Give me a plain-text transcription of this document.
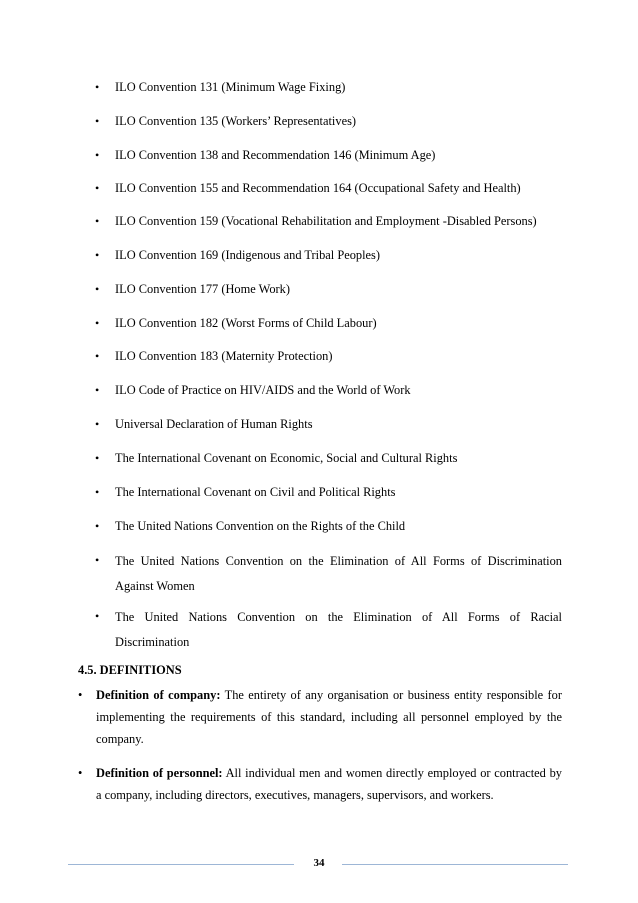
• ILO Convention 131 (Minimum Wage Fixing)

• ILO Convention 135 (Workers’ Representatives)

• ILO Convention 138 and Recommendation 146 (Minimum Age)

• ILO Convention 155 and Recommendation 164 (Occupational Safety and Health)

• ILO Convention 159 (Vocational Rehabilitation and Employment -Disabled Persons)

• ILO Convention 169 (Indigenous and Tribal Peoples)

• ILO Convention 177 (Home Work)

• ILO Convention 182 (Worst Forms of Child Labour)

• ILO Convention 183 (Maternity Protection)

• ILO Code of Practice on HIV/AIDS and the World of Work

• Universal Declaration of Human Rights

• The International Covenant on Economic, Social and Cultural Rights

• The International Covenant on Civil and Political Rights

• The United Nations Convention on the Rights of the Child

• The United Nations Convention on the Elimination of All Forms of Discrimination Against Women

• The United Nations Convention on the Elimination of All Forms of Racial Discrimination

4.5. DEFINITIONS
• Definition of company: The entirety of any organisation or business entity responsible for implementing the requirements of this standard, including all personnel employed by the company.

• Definition of personnel: All individual men and women directly employed or contracted by a company, including directors, executives, managers, supervisors, and workers.

34
